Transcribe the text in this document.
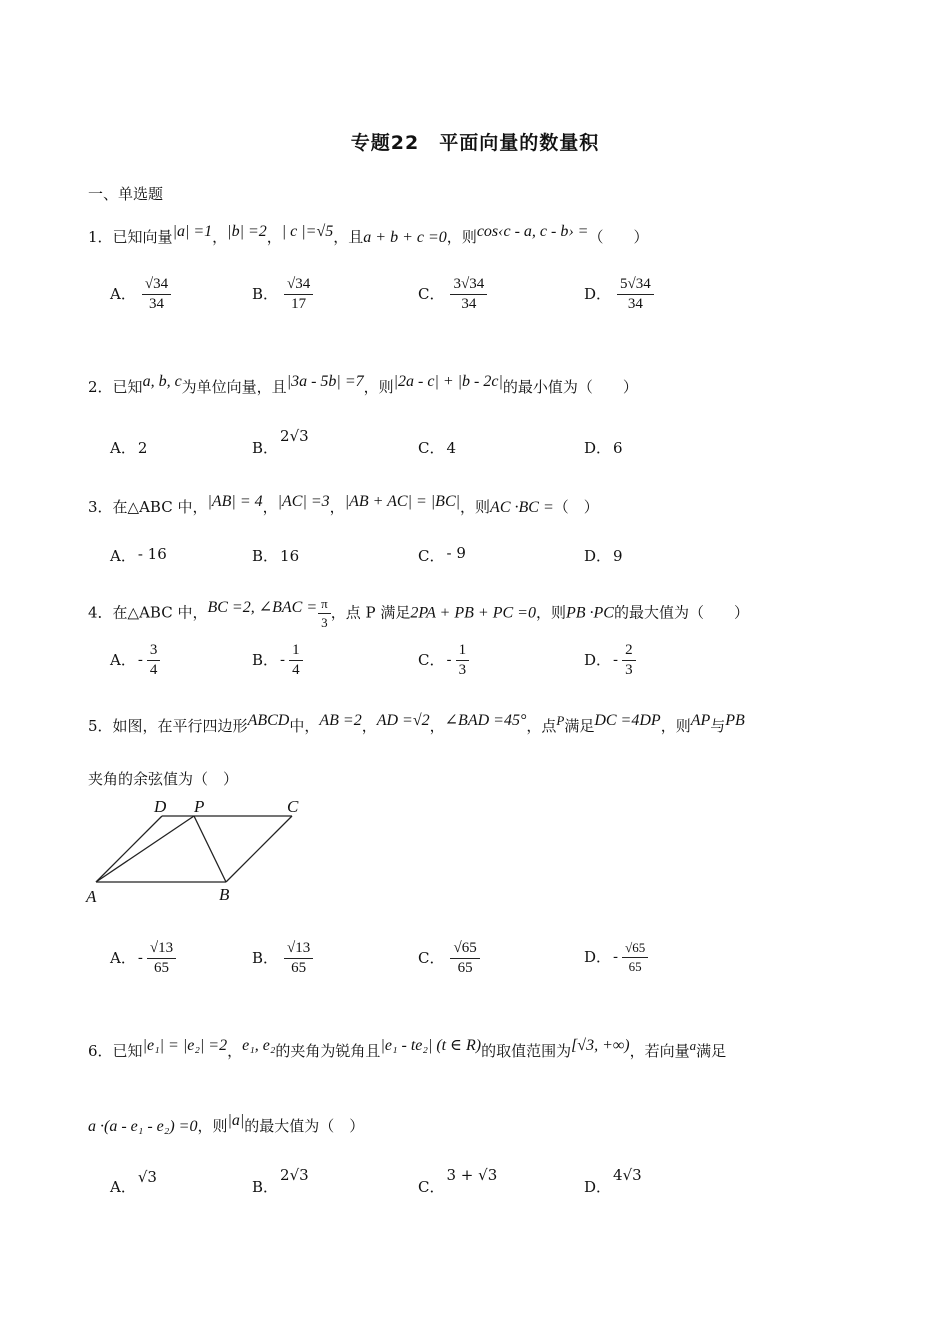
专题22　平面向量的数量积
一、单选题
1．已知向量|a| =1，|b| =2，| c |=√5，且a + b + c =0，则cos‹c - a, c - b› =（　　）
A． $\frac{√34}{34}$	B． $\frac{√34}{17}$	C． $\frac{3√34}{34}$	D． $\frac{5√34}{34}$
2．已知a, b, c为单位向量，且|3a - 5b| =7，则|2a - c| + |b - 2c|的最小值为（　　）
A． 2	B．2√3
C． 4	D． 6
3．在△ABC 中，|AB| = 4，|AC| =3，|AB + AC| = |BC|，则AC ·BC =（　）
A． - 16	B． 16	C． - 9	D． 9
4．在△ABC 中，BC =2, ∠BAC = $\frac{\pi}{3}$ ，点 P 满足2PA + PB + PC =0，则PB ·PC的最大值为（　　）
A． - $\frac{3}{4}$	B． - $\frac{1}{4}$	C． - $\frac{1}{3}$	D． - $\frac{2}{3}$
5．如图，在平行四边形ABCD中，AB =2，AD =√2，∠BAD =45°，点P满足DC =4DP，则AP与PB
夹角的余弦值为（　）
A	B
C
D P
A． - $\frac{√13}{65}$	B． $\frac{√13}{65}$	C． $\frac{√65}{65}$	D． - $\frac{√65}{65}$
6．已知|e₁| = |e₂| =2，e₁, e₂的夹角为锐角且|e₁ - te₂| (t ∈ R)的取值范围为[√3, +∞)，若向量a满足
a ·(a - e₁ - e₂) =0，则|a|的最大值为（　）
A．√3
B．2√3
C．3 + √3
D．4√3
